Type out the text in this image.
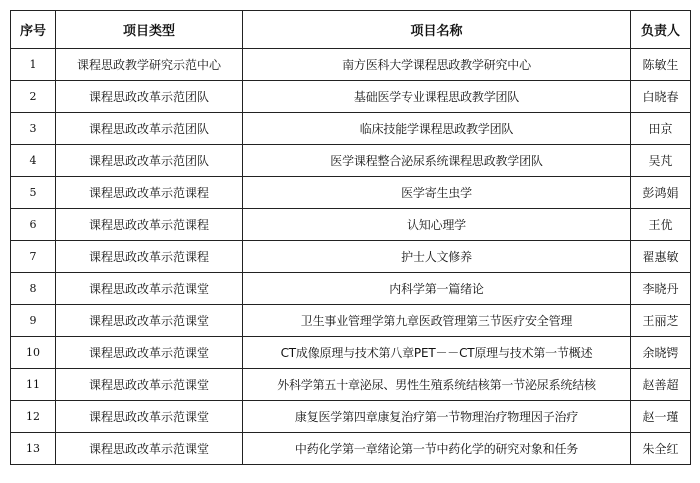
序号	项目类型	项目名称	负责人
1	课程思政教学研究示范中心	南方医科大学课程思政教学研究中心	陈敏生
2	课程思政改革示范团队	基础医学专业课程思政教学团队	白晓春
3	课程思政改革示范团队	临床技能学课程思政教学团队	田京
4	课程思政改革示范团队	医学课程整合泌尿系统课程思政教学团队	吴芃
5	课程思政改革示范课程	医学寄生虫学	彭鸿娟
6	课程思政改革示范课程	认知心理学	王优
7	课程思政改革示范课程	护士人文修养	翟惠敏
8	课程思政改革示范课堂	内科学第一篇绪论	李晓丹
9	课程思政改革示范课堂	卫生事业管理学第九章医政管理第三节医疗安全管理	王丽芝
10	课程思政改革示范课堂	CT成像原理与技术第八章PET－－CT原理与技术第一节概述	余晓锷
11	课程思政改革示范课堂	外科学第五十章泌尿、男性生殖系统结核第一节泌尿系统结核	赵善超
12	课程思政改革示范课堂	康复医学第四章康复治疗第一节物理治疗物理因子治疗	赵一瑾
13	课程思政改革示范课堂	中药化学第一章绪论第一节中药化学的研究对象和任务	朱全红
